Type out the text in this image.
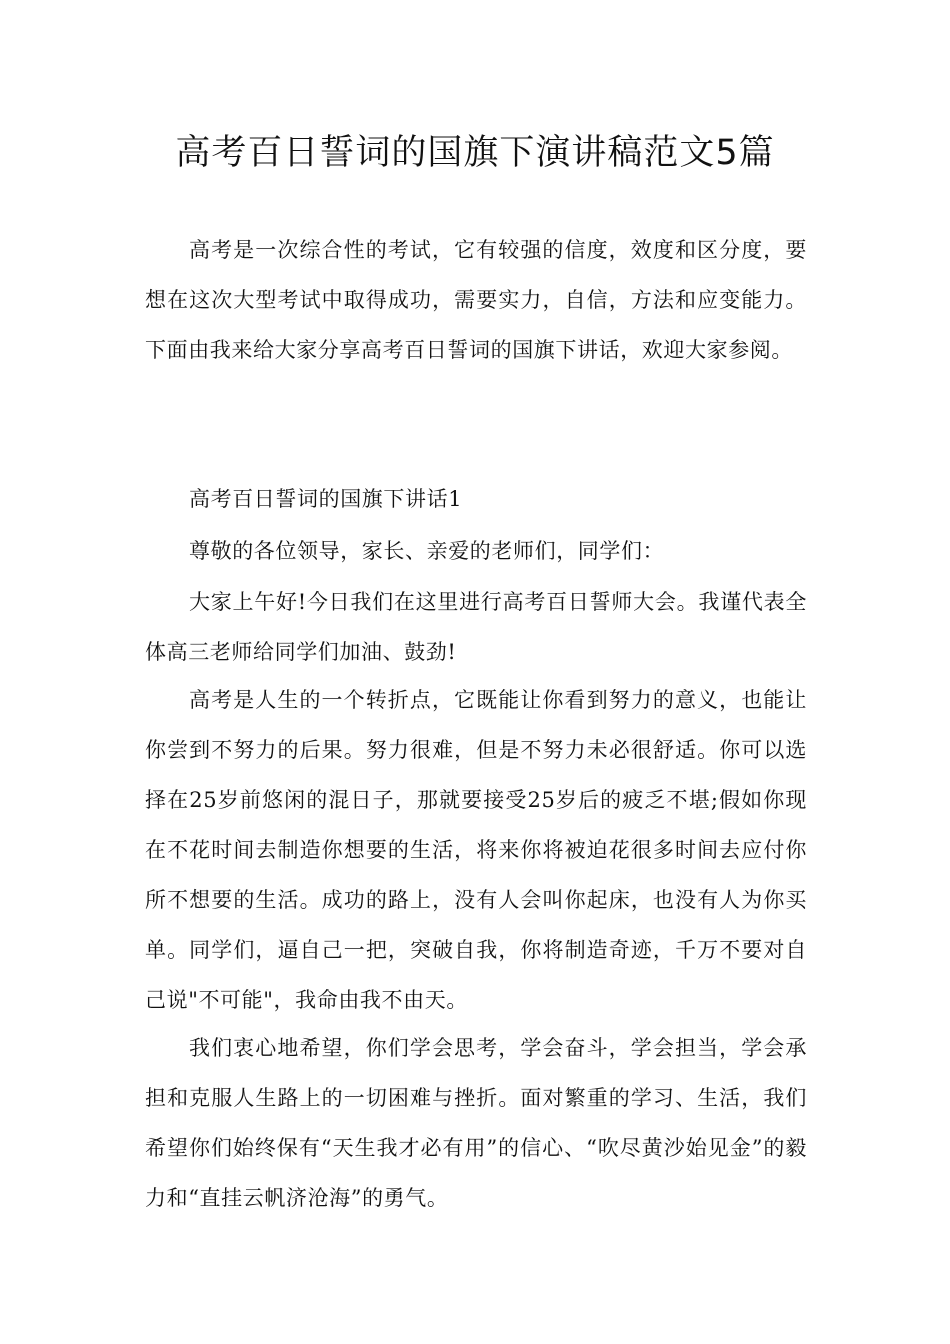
高考百日誓词的国旗下演讲稿范文5篇

高考是一次综合性的考试，它有较强的信度，效度和区分度，要想在这次大型考试中取得成功，需要实力，自信，方法和应变能力。下面由我来给大家分享高考百日誓词的国旗下讲话，欢迎大家参阅。

高考百日誓词的国旗下讲话1

尊敬的各位领导，家长、亲爱的老师们，同学们：

大家上午好!今日我们在这里进行高考百日誓师大会。我谨代表全体高三老师给同学们加油、鼓劲!

高考是人生的一个转折点，它既能让你看到努力的意义，也能让你尝到不努力的后果。努力很难，但是不努力未必很舒适。你可以选择在25岁前悠闲的混日子，那就要接受25岁后的疲乏不堪;假如你现在不花时间去制造你想要的生活，将来你将被迫花很多时间去应付你所不想要的生活。成功的路上，没有人会叫你起床，也没有人为你买单。同学们，逼自己一把，突破自我，你将制造奇迹，千万不要对自己说"不可能"，我命由我不由天。

我们衷心地希望，你们学会思考，学会奋斗，学会担当，学会承担和克服人生路上的一切困难与挫折。面对繁重的学习、生活，我们希望你们始终保有“天生我才必有用”的信心、“吹尽黄沙始见金”的毅力和“直挂云帆济沧海”的勇气。
